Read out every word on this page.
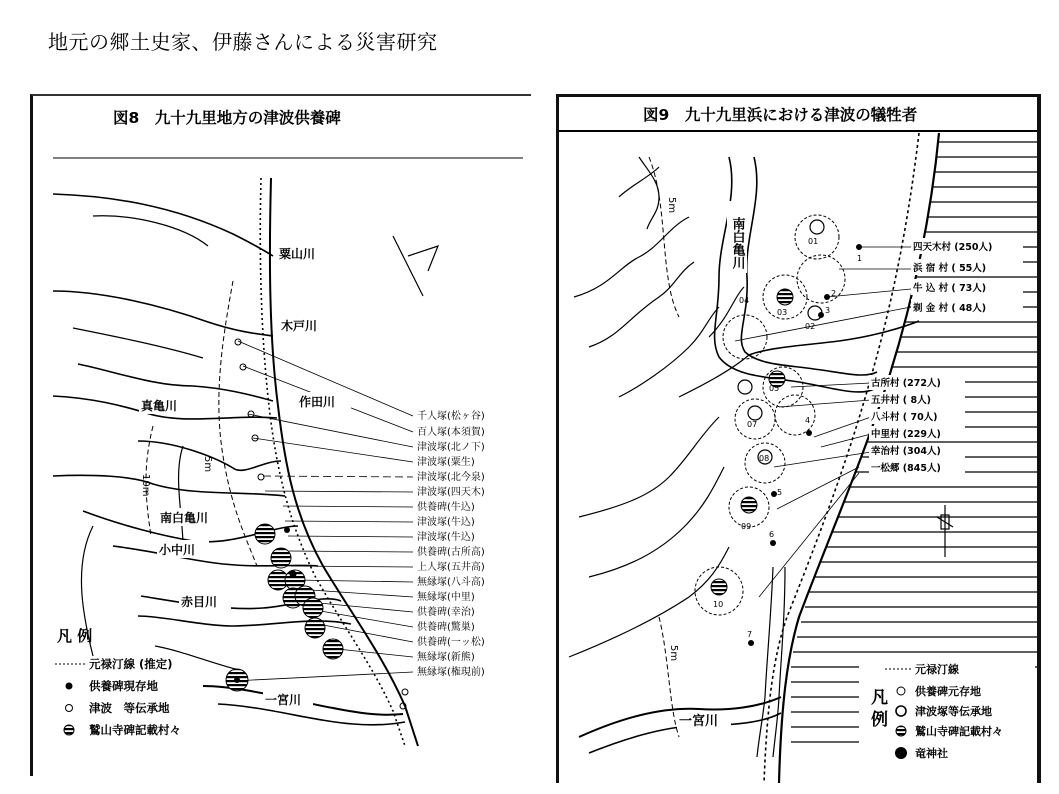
地元の郷土史家、伊藤さんによる災害研究
図8　九十九里地方の津波供養碑
千人塚(松ヶ谷)
百人塚(本須賀)
津波塚(北ノ下)
津波塚(粟生)
津波塚(北今泉)
津波塚(四天木)
供養碑(牛込)
津波塚(牛込)
津波塚(牛込)
供養碑(古所高)
上人塚(五井高)
無縁塚(八斗高)
無縁塚(中里)
供養碑(幸治)
供養碑(驚巣)
供養碑(一ッ松)
無縁塚(新熊)
無縁塚(権現前)
粟山川
木戸川
作田川
真亀川
南白亀川
小中川
赤目川
一宮川
10m
5m
凡 例
元禄汀線 (推定)
供養碑現存地
津波　等伝承地
鷲山寺碑記載村々
図9　九十九里浜における津波の犠牲者
01
03
02
04
05
07
08
09
10
1
2
3
4
5
6
7
四天木村 (250人)
浜 宿 村 ( 55人)
牛 込 村 ( 73人)
剃 金 村 ( 48人)
古所村 (272人)
五井村 ( 8人)
八斗村 ( 70人)
中里村 (229人)
幸治村 (304人)
一松郷 (845人)
南白亀川
一宮川
5m
5m
凡
例
元禄汀線
供養碑元存地
津波塚等伝承地
鷲山寺碑記載村々
竜神社
